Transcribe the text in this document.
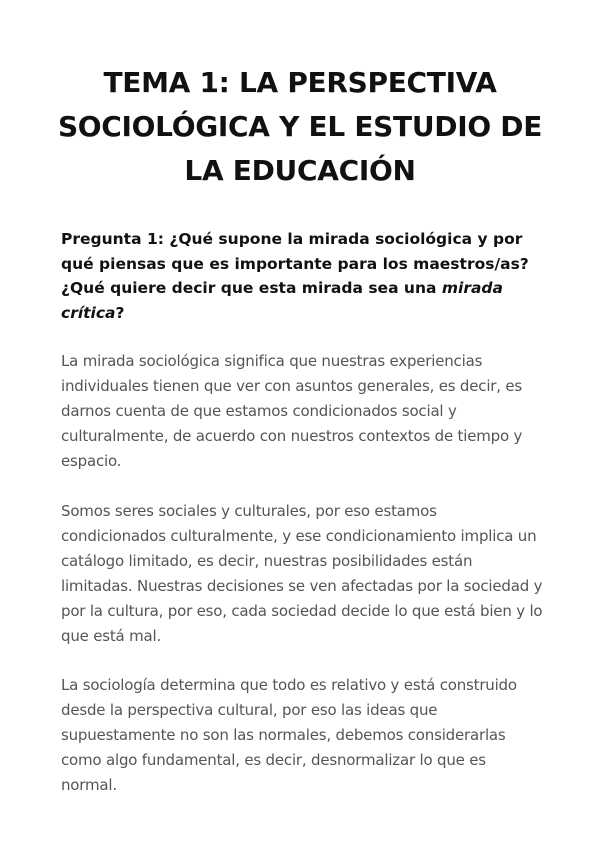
TEMA 1: LA PERSPECTIVA SOCIOLÓGICA Y EL ESTUDIO DE LA EDUCACIÓN

Pregunta 1: ¿Qué supone la mirada sociológica y por qué piensas que es importante para los maestros/as?¿Qué quiere decir que esta mirada sea una mirada crítica?

La mirada sociológica significa que nuestras experiencias individuales tienen que ver con asuntos generales, es decir, es darnos cuenta de que estamos condicionados social y culturalmente, de acuerdo con nuestros contextos de tiempo y espacio.

Somos seres sociales y culturales, por eso estamos condicionados culturalmente, y ese condicionamiento implica un catálogo limitado, es decir, nuestras posibilidades están limitadas. Nuestras decisiones se ven afectadas por la sociedad y por la cultura, por eso, cada sociedad decide lo que está bien y lo que está mal.

La sociología determina que todo es relativo y está construido desde la perspectiva cultural, por eso las ideas que supuestamente no son las normales, debemos considerarlas como algo fundamental, es decir, desnormalizar lo que es normal.
